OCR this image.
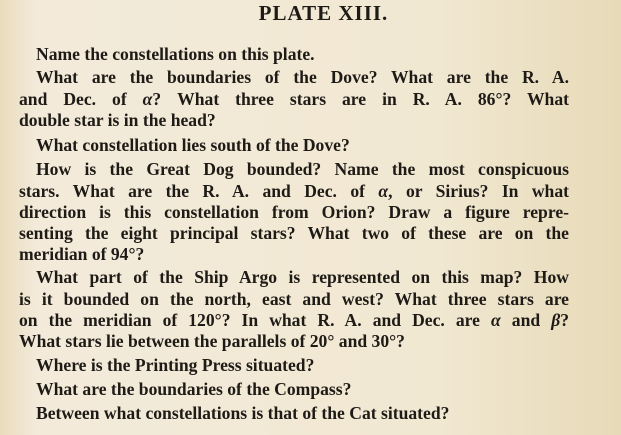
PLATE XIII.
Name the constellations on this plate.
What are the boundaries of the Dove? What are the R. A.
and Dec. of α? What three stars are in R. A. 86°? What
double star is in the head?
What constellation lies south of the Dove?
How is the Great Dog bounded? Name the most conspicuous
stars. What are the R. A. and Dec. of α, or Sirius? In what
direction is this constellation from Orion? Draw a figure repre-
senting the eight principal stars? What two of these are on the
meridian of 94°?
What part of the Ship Argo is represented on this map? How
is it bounded on the north, east and west? What three stars are
on the meridian of 120°? In what R. A. and Dec. are α and β?
What stars lie between the parallels of 20° and 30°?
Where is the Printing Press situated?
What are the boundaries of the Compass?
Between what constellations is that of the Cat situated?
